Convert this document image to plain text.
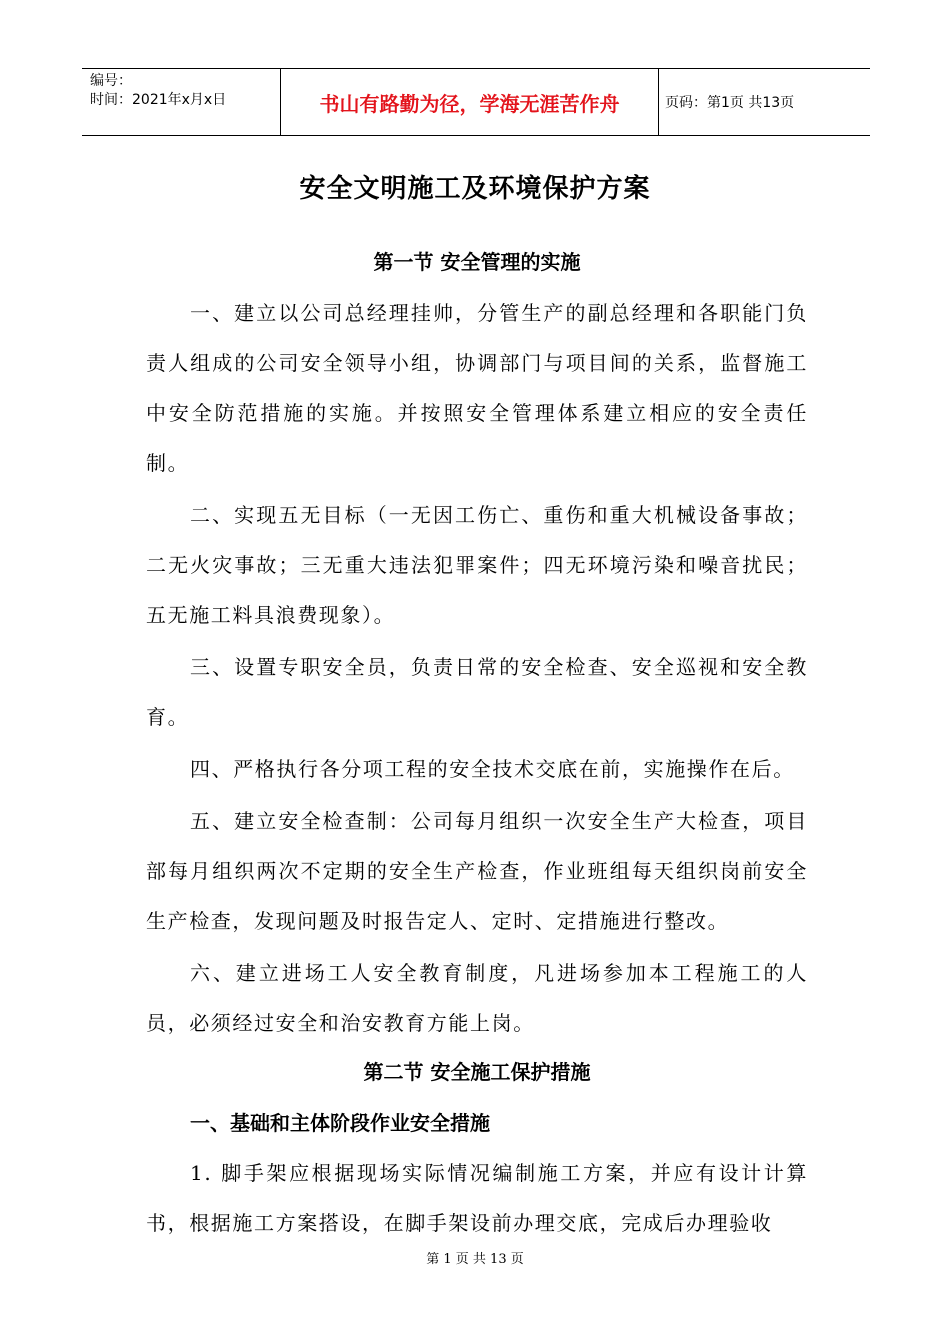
编号：
时间：2021年x月x日	书山有路勤为径，学海无涯苦作舟	页码：第1页 共13页
安全文明施工及环境保护方案
第一节 安全管理的实施

一、建立以公司总经理挂帅，分管生产的副总经理和各职能门负责人组成的公司安全领导小组，协调部门与项目间的关系，监督施工中安全防范措施的实施。并按照安全管理体系建立相应的安全责任制。

二、实现五无目标（一无因工伤亡、重伤和重大机械设备事故；二无火灾事故；三无重大违法犯罪案件；四无环境污染和噪音扰民；五无施工料具浪费现象）。

三、设置专职安全员，负责日常的安全检查、安全巡视和安全教育。

四、严格执行各分项工程的安全技术交底在前，实施操作在后。

五、建立安全检查制：公司每月组织一次安全生产大检查，项目部每月组织两次不定期的安全生产检查，作业班组每天组织岗前安全生产检查，发现问题及时报告定人、定时、定措施进行整改。

六、建立进场工人安全教育制度，凡进场参加本工程施工的人员，必须经过安全和治安教育方能上岗。

第二节 安全施工保护措施
一、基础和主体阶段作业安全措施

1. 脚手架应根据现场实际情况编制施工方案，并应有设计计算书，根据施工方案搭设，在脚手架设前办理交底，完成后办理验收

第 1 页 共 13 页
